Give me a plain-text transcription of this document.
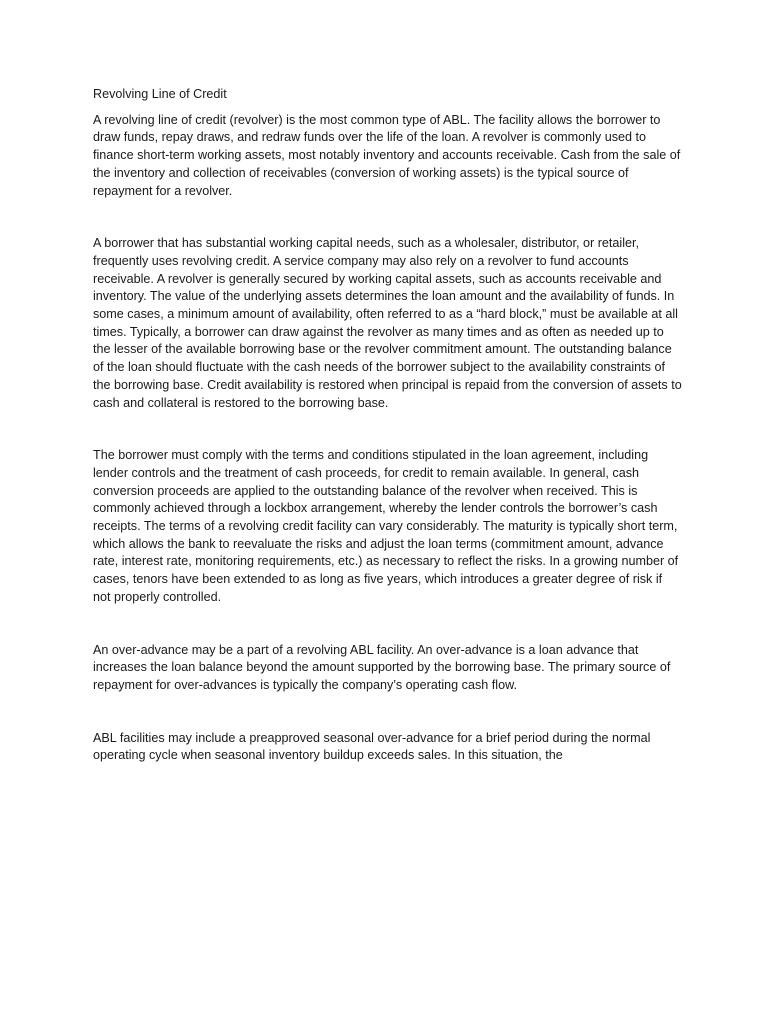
Revolving Line of Credit

A revolving line of credit (revolver) is the most common type of ABL. The facility allows the borrower to draw funds, repay draws, and redraw funds over the life of the loan. A revolver is commonly used to finance short-term working assets, most notably inventory and accounts receivable. Cash from the sale of the inventory and collection of receivables (conversion of working assets) is the typical source of repayment for a revolver.

A borrower that has substantial working capital needs, such as a wholesaler, distributor, or retailer, frequently uses revolving credit. A service company may also rely on a revolver to fund accounts receivable. A revolver is generally secured by working capital assets, such as accounts receivable and inventory. The value of the underlying assets determines the loan amount and the availability of funds. In some cases, a minimum amount of availability, often referred to as a “hard block,” must be available at all times. Typically, a borrower can draw against the revolver as many times and as often as needed up to the lesser of the available borrowing base or the revolver commitment amount. The outstanding balance of the loan should fluctuate with the cash needs of the borrower subject to the availability constraints of the borrowing base. Credit availability is restored when principal is repaid from the conversion of assets to cash and collateral is restored to the borrowing base.

The borrower must comply with the terms and conditions stipulated in the loan agreement, including lender controls and the treatment of cash proceeds, for credit to remain available. In general, cash conversion proceeds are applied to the outstanding balance of the revolver when received. This is commonly achieved through a lockbox arrangement, whereby the lender controls the borrower’s cash receipts. The terms of a revolving credit facility can vary considerably. The maturity is typically short term, which allows the bank to reevaluate the risks and adjust the loan terms (commitment amount, advance rate, interest rate, monitoring requirements, etc.) as necessary to reflect the risks. In a growing number of cases, tenors have been extended to as long as five years, which introduces a greater degree of risk if not properly controlled.

An over-advance may be a part of a revolving ABL facility. An over-advance is a loan advance that increases the loan balance beyond the amount supported by the borrowing base. The primary source of repayment for over-advances is typically the company’s operating cash flow.

ABL facilities may include a preapproved seasonal over-advance for a brief period during the normal operating cycle when seasonal inventory buildup exceeds sales. In this situation, the
